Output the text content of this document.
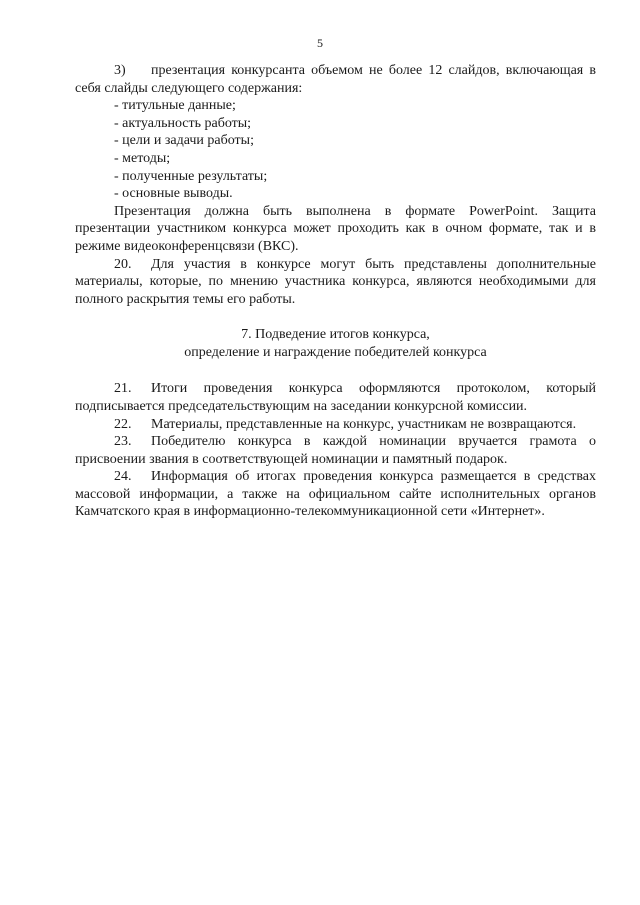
5

3) презентация конкурсанта объемом не более 12 слайдов, включающая в себя слайды следующего содержания:

- титульные данные;

- актуальность работы;

- цели и задачи работы;

- методы;

- полученные результаты;

- основные выводы.

Презентация должна быть выполнена в формате PowerPoint. Защита презентации участником конкурса может проходить как в очном формате, так и в режиме видеоконференцсвязи (ВКС).

20. Для участия в конкурсе могут быть представлены дополнительные материалы, которые, по мнению участника конкурса, являются необходимыми для полного раскрытия темы его работы.

7. Подведение итогов конкурса,
определение и награждение победителей конкурса

21. Итоги проведения конкурса оформляются протоколом, который подписывается председательствующим на заседании конкурсной комиссии.

22. Материалы, представленные на конкурс, участникам не возвращаются.

23. Победителю конкурса в каждой номинации вручается грамота о присвоении звания в соответствующей номинации и памятный подарок.

24. Информация об итогах проведения конкурса размещается в средствах массовой информации, а также на официальном сайте исполнительных органов Камчатского края в информационно-телекоммуникационной сети «Интернет».
